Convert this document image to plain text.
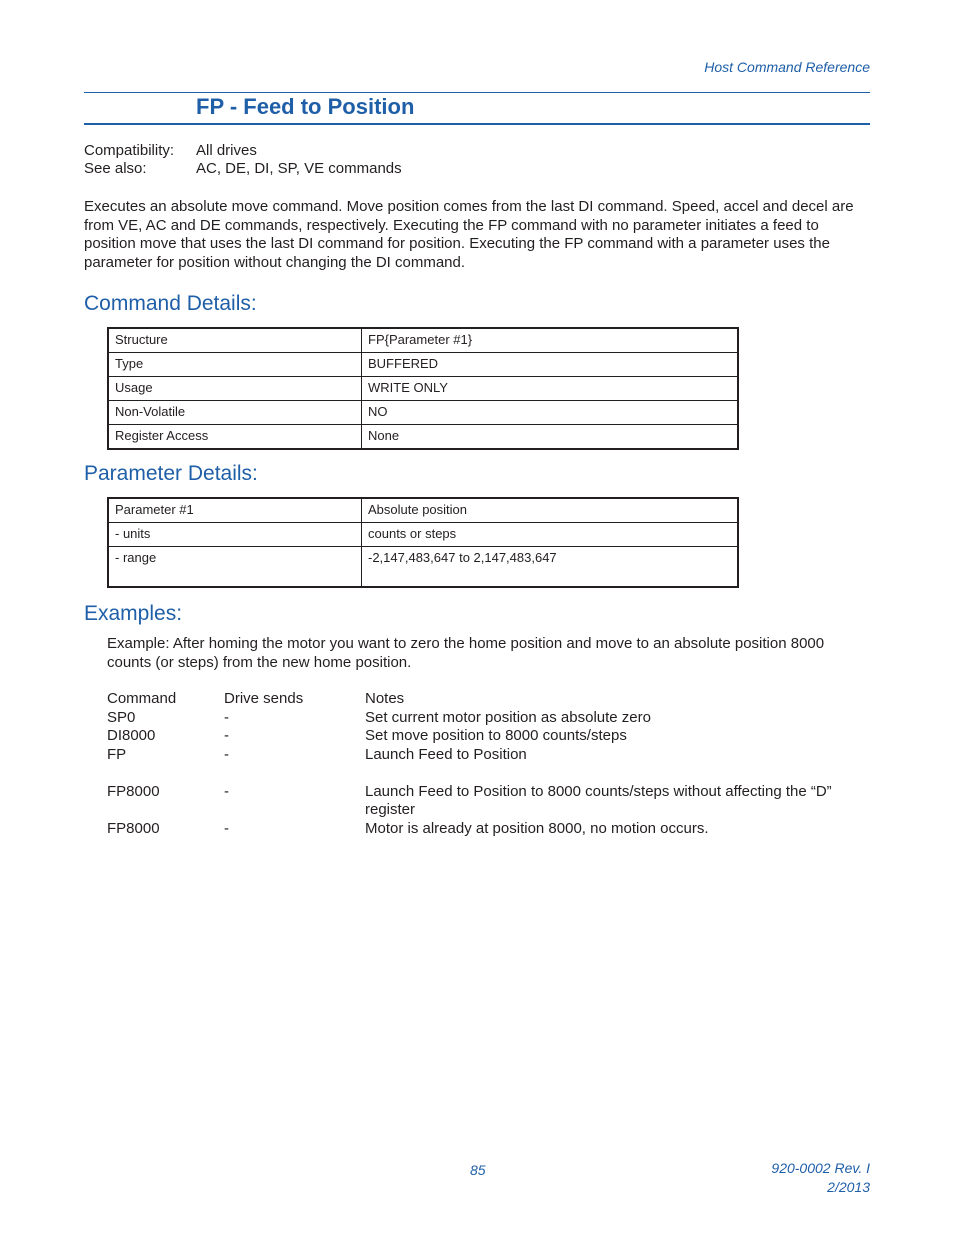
Host Command Reference
FP - Feed to Position
Compatibility:	All drives
See also:	AC, DE, DI, SP, VE commands
Executes an absolute move command. Move position comes from the last DI command. Speed, accel and decel are from VE, AC and DE commands, respectively. Executing the FP command with no parameter initiates a feed to position move that uses the last DI command for position. Executing the FP command with a parameter uses the parameter for position without changing the DI command.
Command Details:
Structure	FP{Parameter #1}
Type	BUFFERED
Usage	WRITE ONLY
Non-Volatile	NO
Register Access	None
Parameter Details:
Parameter #1	Absolute position
- units	counts or steps
- range	-2,147,483,647 to 2,147,483,647
Examples:
Example: After homing the motor you want to zero the home position and move to an absolute position 8000 counts (or steps) from the new home position.
Command	Drive sends	Notes
SP0	-	Set current motor position as absolute zero
DI8000	-	Set move position to 8000 counts/steps
FP	-	Launch Feed to Position
FP8000	-	Launch Feed to Position to 8000 counts/steps without affecting the “D” register
FP8000	-	Motor is already at position 8000, no motion occurs.
85	920-0002 Rev. I
2/2013
